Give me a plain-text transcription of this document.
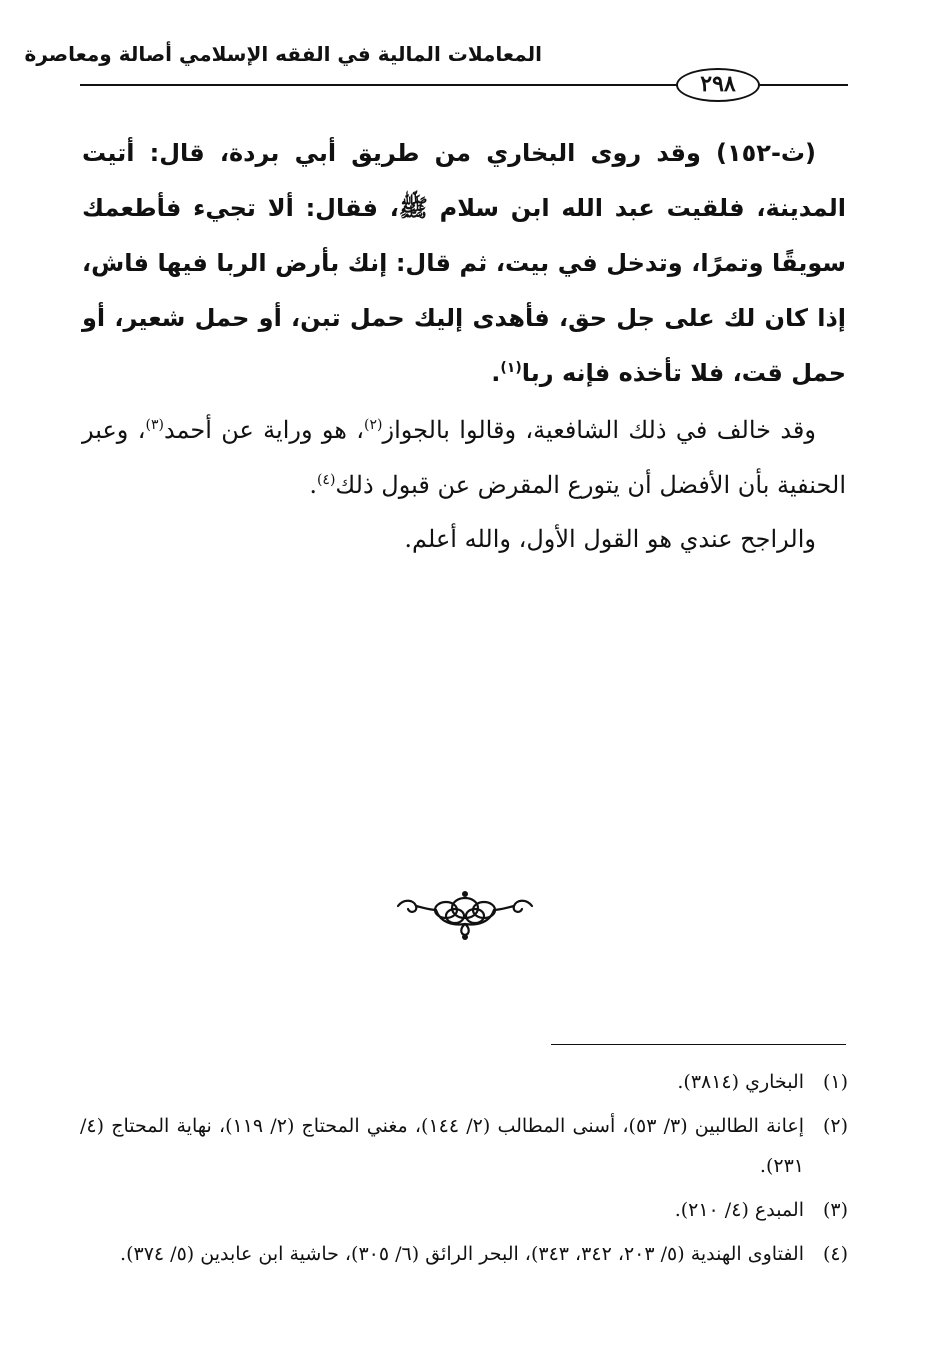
المعاملات المالية في الفقه الإسلامي أصالة ومعاصرة
٢٩٨

(ث-١٥٢) وقد روى البخاري من طريق أبي بردة، قال: أتيت المدينة، فلقيت عبد الله ابن سلام ﷺ، فقال: ألا تجيء فأطعمك سويقًا وتمرًا، وتدخل في بيت، ثم قال: إنك بأرض الربا فيها فاش، إذا كان لك على جل حق، فأهدى إليك حمل تبن، أو حمل شعير، أو حمل قت، فلا تأخذه فإنه ربا$^{(١)}$.

وقد خالف في ذلك الشافعية، وقالوا بالجواز$^{(٢)}$، هو وراية عن أحمد$^{(٣)}$، وعبر الحنفية بأن الأفضل أن يتورع المقرض عن قبول ذلك$^{(٤)}$.

والراجح عندي هو القول الأول، والله أعلم.

(١)
البخاري (٣٨١٤).
(٢)
إعانة الطالبين (٣/ ٥٣)، أسنى المطالب (٢/ ١٤٤)، مغني المحتاج (٢/ ١١٩)، نهاية المحتاج (٤/ ٢٣١).
(٣)
المبدع (٤/ ٢١٠).
(٤)
الفتاوى الهندية (٥/ ٢٠٣، ٣٤٢، ٣٤٣)، البحر الرائق (٦/ ٣٠٥)، حاشية ابن عابدين (٥/ ٣٧٤).
